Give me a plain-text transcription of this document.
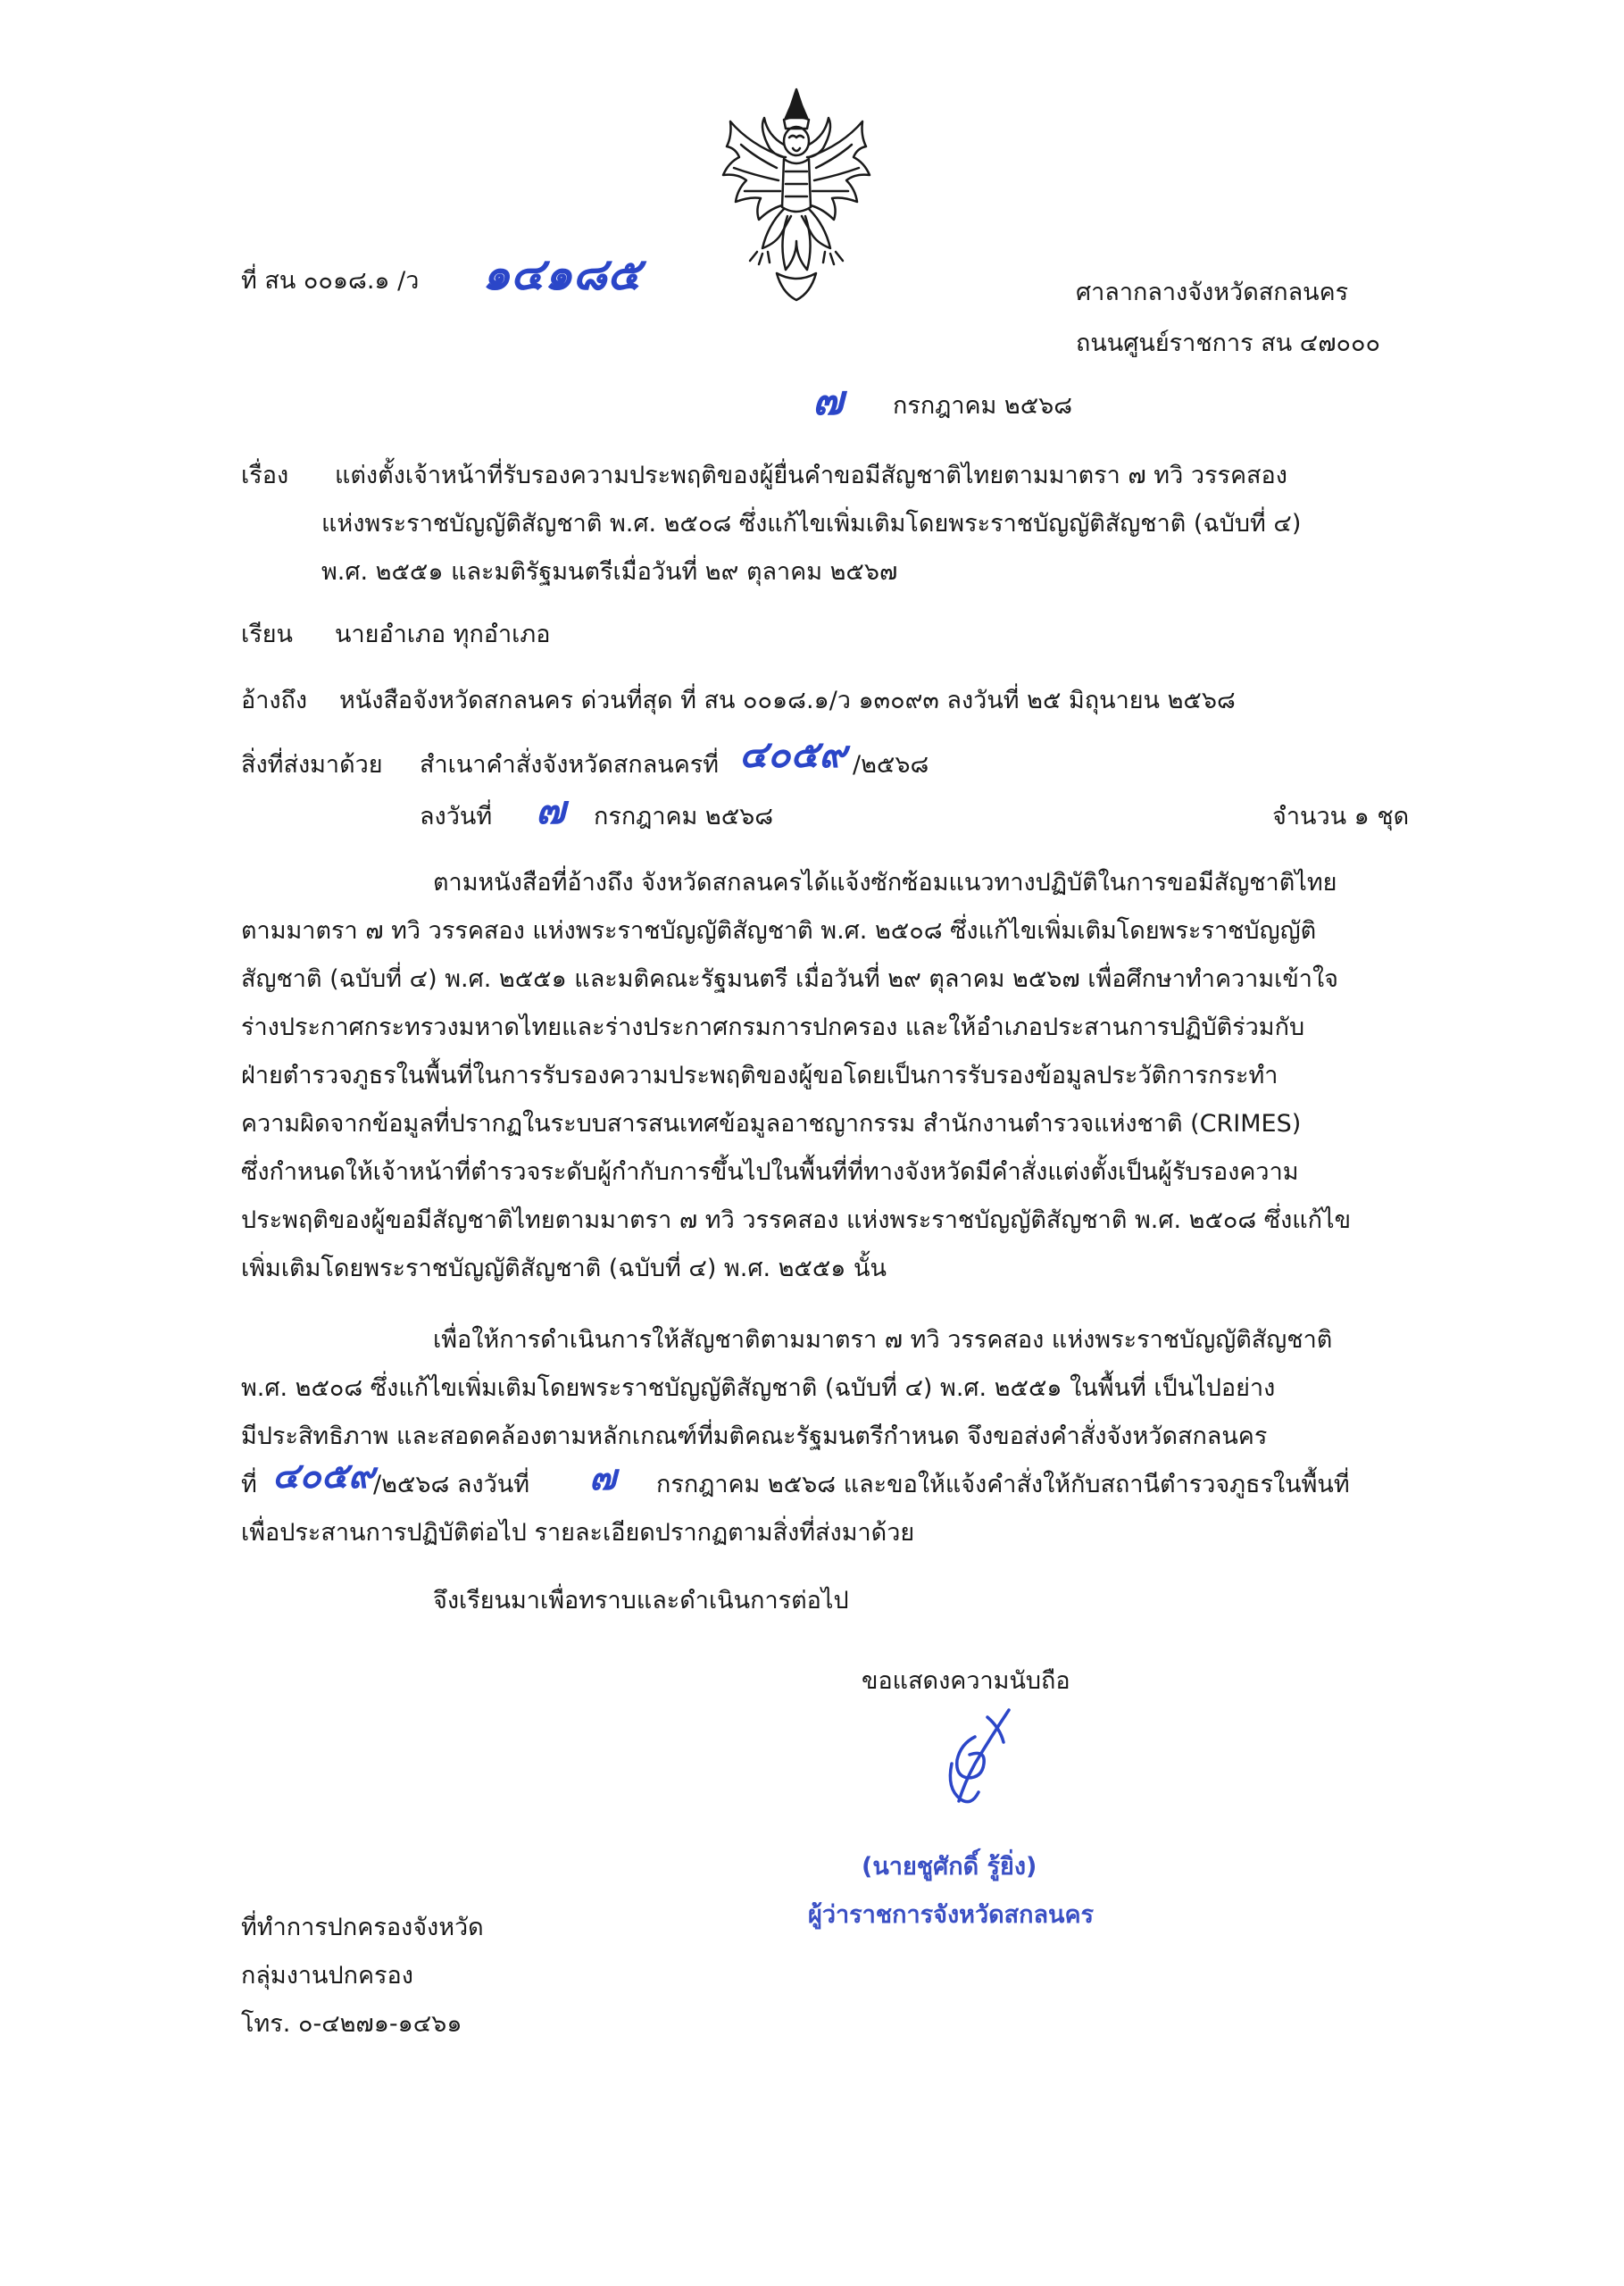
ที่ สน ๐๐๑๘.๑ /ว ๑๔๑๘๕	ศาลากลางจังหวัดสกลนคร
ถนนศูนย์ราชการ สน ๔๗๐๐๐
๗ กรกฎาคม ๒๕๖๘
เรื่อง แต่งตั้งเจ้าหน้าที่รับรองความประพฤติของผู้ยื่นคำขอมีสัญชาติไทยตามมาตรา ๗ ทวิ วรรคสอง
แห่งพระราชบัญญัติสัญชาติ พ.ศ. ๒๕๐๘ ซึ่งแก้ไขเพิ่มเติมโดยพระราชบัญญัติสัญชาติ (ฉบับที่ ๔)
พ.ศ. ๒๕๕๑ และมติรัฐมนตรีเมื่อวันที่ ๒๙ ตุลาคม ๒๕๖๗
เรียน นายอำเภอ ทุกอำเภอ
อ้างถึง หนังสือจังหวัดสกลนคร ด่วนที่สุด ที่ สน ๐๐๑๘.๑/ว ๑๓๐๙๓ ลงวันที่ ๒๕ มิถุนายน ๒๕๖๘
สิ่งที่ส่งมาด้วย สำเนาคำสั่งจังหวัดสกลนครที่ ๔๐๕๙ /๒๕๖๘
ลงวันที่ ๗ กรกฎาคม ๒๕๖๘	จำนวน ๑ ชุด
ตามหนังสือที่อ้างถึง จังหวัดสกลนครได้แจ้งซักซ้อมแนวทางปฏิบัติในการขอมีสัญชาติไทย
ตามมาตรา ๗ ทวิ วรรคสอง แห่งพระราชบัญญัติสัญชาติ พ.ศ. ๒๕๐๘ ซึ่งแก้ไขเพิ่มเติมโดยพระราชบัญญัติ
สัญชาติ (ฉบับที่ ๔) พ.ศ. ๒๕๕๑ และมติคณะรัฐมนตรี เมื่อวันที่ ๒๙ ตุลาคม ๒๕๖๗ เพื่อศึกษาทำความเข้าใจ
ร่างประกาศกระทรวงมหาดไทยและร่างประกาศกรมการปกครอง และให้อำเภอประสานการปฏิบัติร่วมกับ
ฝ่ายตำรวจภูธรในพื้นที่ในการรับรองความประพฤติของผู้ขอโดยเป็นการรับรองข้อมูลประวัติการกระทำ
ความผิดจากข้อมูลที่ปรากฏในระบบสารสนเทศข้อมูลอาชญากรรม สำนักงานตำรวจแห่งชาติ (CRIMES)
ซึ่งกำหนดให้เจ้าหน้าที่ตำรวจระดับผู้กำกับการขึ้นไปในพื้นที่ที่ทางจังหวัดมีคำสั่งแต่งตั้งเป็นผู้รับรองความ
ประพฤติของผู้ขอมีสัญชาติไทยตามมาตรา ๗ ทวิ วรรคสอง แห่งพระราชบัญญัติสัญชาติ พ.ศ. ๒๕๐๘ ซึ่งแก้ไข
เพิ่มเติมโดยพระราชบัญญัติสัญชาติ (ฉบับที่ ๔) พ.ศ. ๒๕๕๑ นั้น
เพื่อให้การดำเนินการให้สัญชาติตามมาตรา ๗ ทวิ วรรคสอง แห่งพระราชบัญญัติสัญชาติ
พ.ศ. ๒๕๐๘ ซึ่งแก้ไขเพิ่มเติมโดยพระราชบัญญัติสัญชาติ (ฉบับที่ ๔) พ.ศ. ๒๕๕๑ ในพื้นที่ เป็นไปอย่าง
มีประสิทธิภาพ และสอดคล้องตามหลักเกณฑ์ที่มติคณะรัฐมนตรีกำหนด จึงขอส่งคำสั่งจังหวัดสกลนคร
ที่ ๔๐๕๙
/๒๕๖๘ ลงวันที่ ๗ กรกฎาคม ๒๕๖๘ และขอให้แจ้งคำสั่งให้กับสถานีตำรวจภูธรในพื้นที่
เพื่อประสานการปฏิบัติต่อไป รายละเอียดปรากฏตามสิ่งที่ส่งมาด้วย
จึงเรียนมาเพื่อทราบและดำเนินการต่อไป
ขอแสดงความนับถือ
(นายชูศักดิ์ รู้ยิ่ง)
ผู้ว่าราชการจังหวัดสกลนคร
ที่ทำการปกครองจังหวัด
กลุ่มงานปกครอง
โทร. ๐-๔๒๗๑-๑๔๖๑
